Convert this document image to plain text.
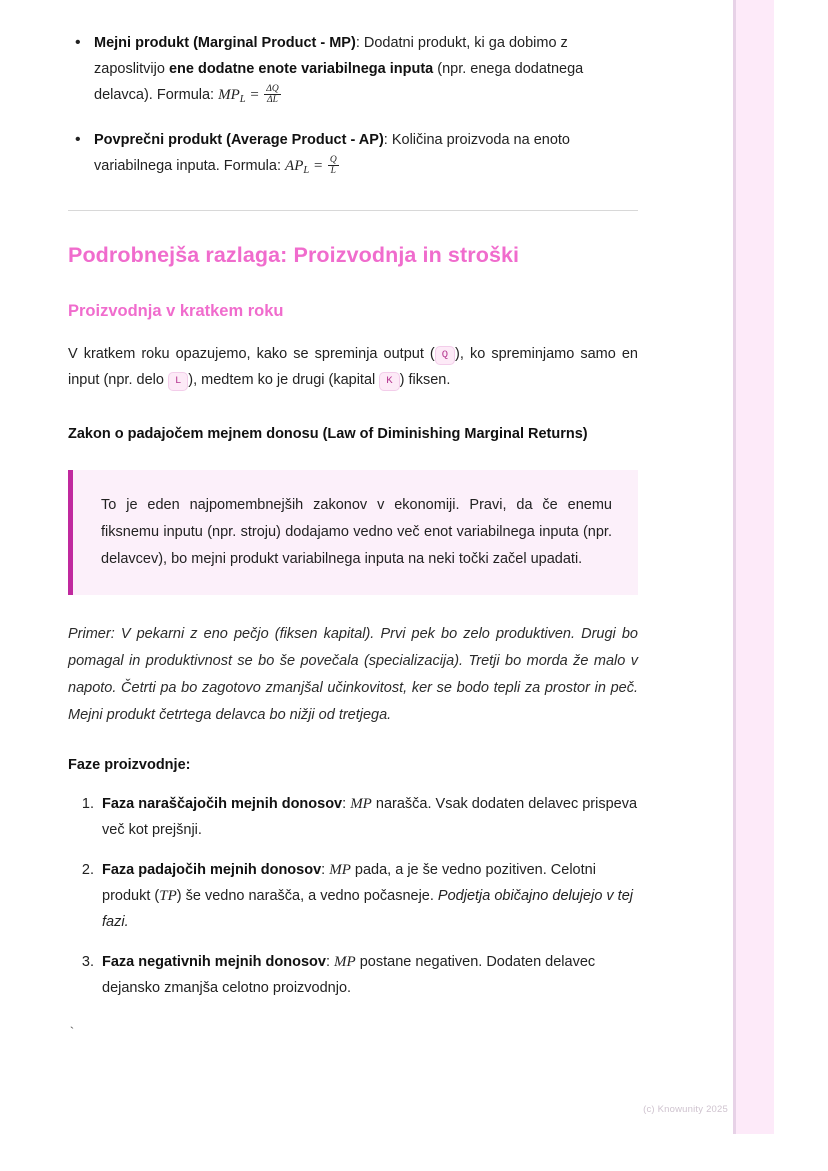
• Mejni produkt (Marginal Product - MP): Dodatni produkt, ki ga dobimo z zaposlitvijo ene dodatne enote variabilnega inputa (npr. enega dodatnega delavca). Formula: $MP_L = \frac{\Delta Q}{\Delta L}$
• Povprečni produkt (Average Product - AP): Količina proizvoda na enoto variabilnega inputa. Formula: $AP_L = \frac{Q}{L}$
Podrobnejša razlaga: Proizvodnja in stroški
Proizvodnja v kratkem roku

V kratkem roku opazujemo, kako se spreminja output ( Q ), ko spreminjamo samo en input (npr. delo L ), medtem ko je drugi (kapital K ) fiksen.

Zakon o padajočem mejnem donosu (Law of Diminishing Marginal Returns)

To je eden najpomembnejših zakonov v ekonomiji. Pravi, da če enemu fiksnemu inputu (npr. stroju) dodajamo vedno več enot variabilnega inputa (npr. delavcev), bo mejni produkt variabilnega inputa na neki točki začel upadati.

Primer: V pekarni z eno pečjo (fiksen kapital). Prvi pek bo zelo produktiven. Drugi bo pomagal in produktivnost se bo še povečala (specializacija). Tretji bo morda že malo v napoto. Četrti pa bo zagotovo zmanjšal učinkovitost, ker se bodo tepli za prostor in peč. Mejni produkt četrtega delavca bo nižji od tretjega.

Faze proizvodnje:

1. Faza naraščajočih mejnih donosov: MP narašča. Vsak dodaten delavec prispeva več kot prejšnji.
2. Faza padajočih mejnih donosov: MP pada, a je še vedno pozitiven. Celotni produkt (TP) še vedno narašča, a vedno počasneje. Podjetja običajno delujejo v tej fazi.
3. Faza negativnih mejnih donosov: MP postane negativen. Dodaten delavec dejansko zmanjša celotno proizvodnjo.

`

(c) Knowunity 2025
